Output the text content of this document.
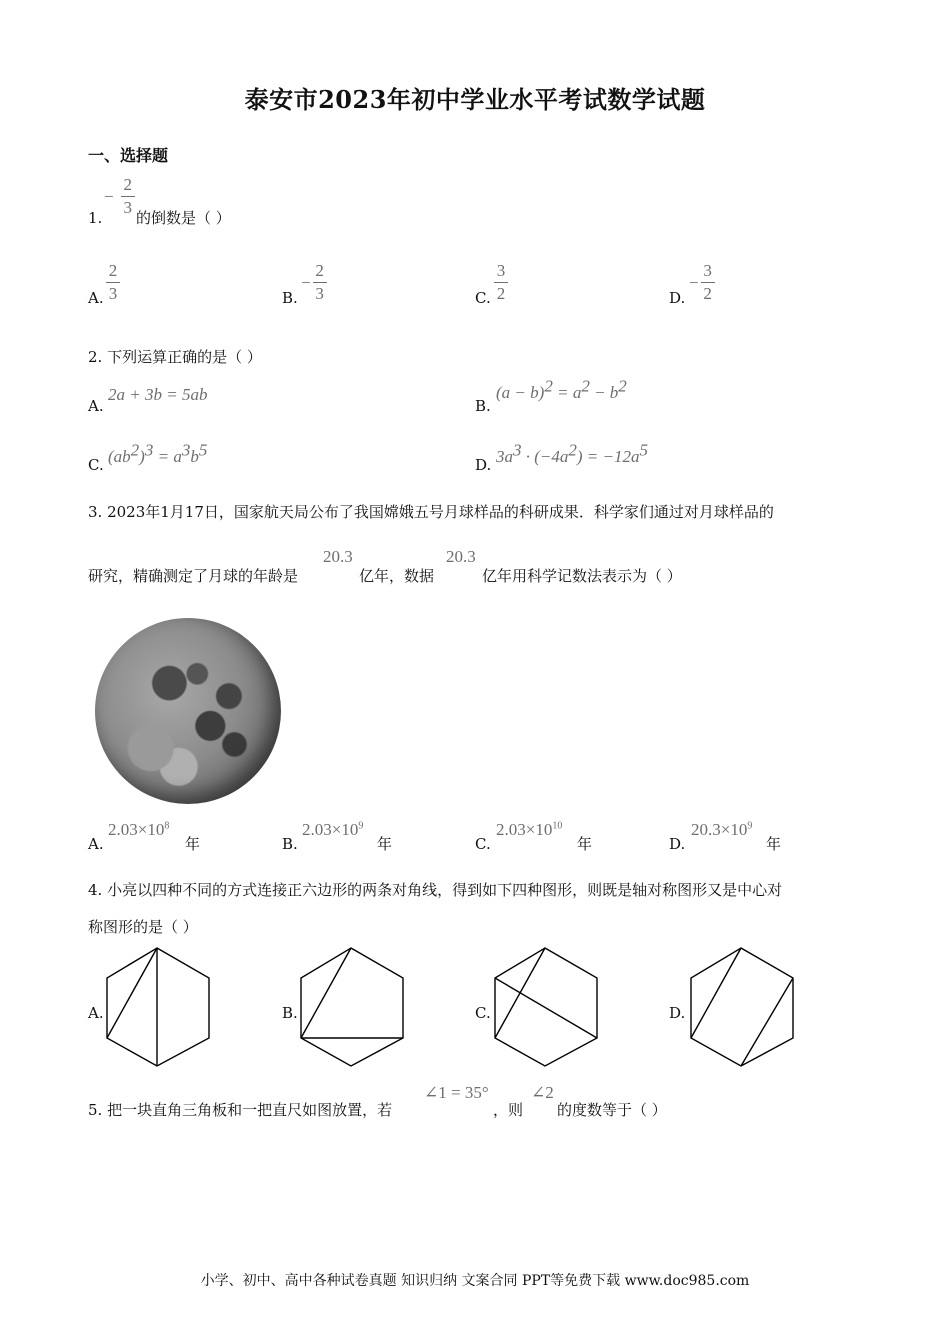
泰安市2023年初中学业水平考试数学试题
一、选择题
1.
− $\frac{2}{3}$
的倒数是（ ）
A. $\frac{2}{3}$	B.
− $\frac{2}{3}$	C. $\frac{3}{2}$	D.
− $\frac{3}{2}$
2. 下列运算正确的是（ ）
A.
2a + 3b = 5ab
B.
$(a - b)^2 = a^2 - b^2$
C. $(ab^2)^3 = a^3b^5$
D. $3a^3 \cdot (-4a^2) = -12a^5$
3. 2023年1月17日，国家航天局公布了我国嫦娥五号月球样品的科研成果．科学家们通过对月球样品的
研究，精确测定了月球的年龄是
20.3
亿年，数据
20.3
亿年用科学记数法表示为（ ）
A.
$2.03\times 10^8$
年	B.
$2.03\times 10^9$
年	C.
$2.03\times 10^{10}$
年	D.
$20.3\times 10^9$
年
4. 小亮以四种不同的方式连接正六边形的两条对角线，得到如下四种图形，则既是轴对称图形又是中心对
称图形的是（ ）
A.	B.	C.	D.
5. 把一块直角三角板和一把直尺如图放置，若
∠1 = 35°
，则
∠2
的度数等于（ ）
小学、初中、高中各种试卷真题 知识归纳 文案合同 PPT等免费下载 www.doc985.com
